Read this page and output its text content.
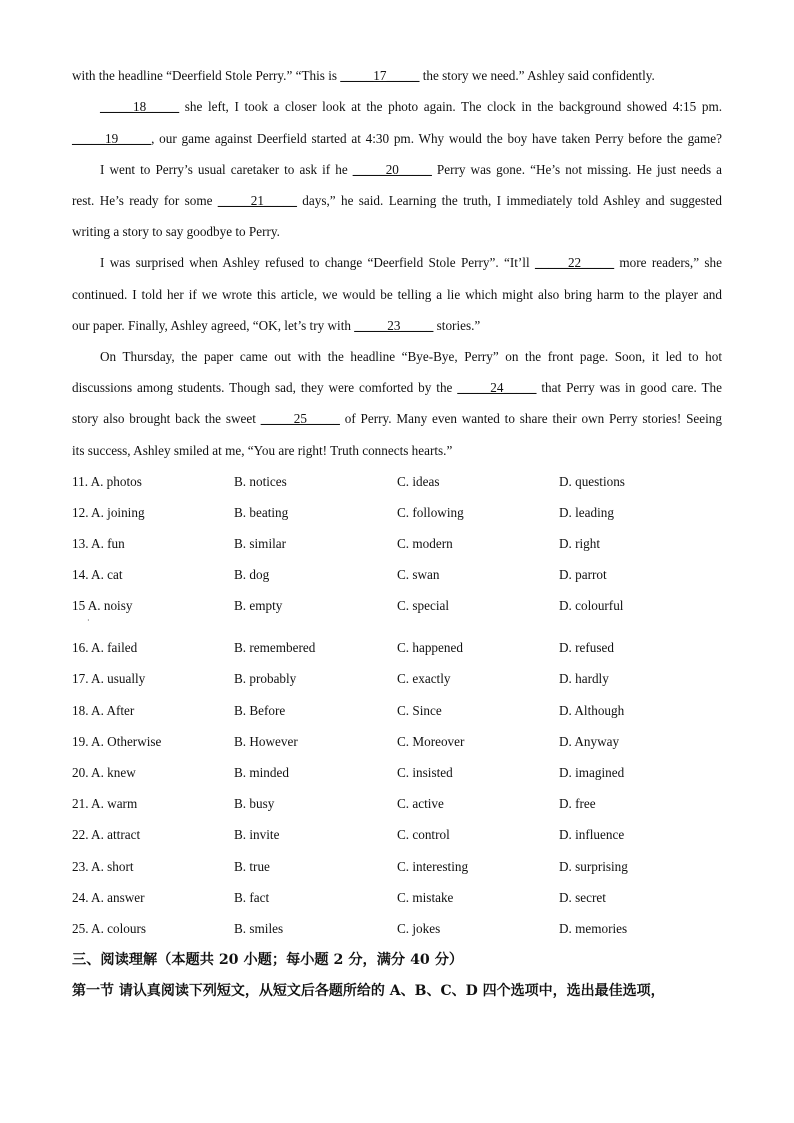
with the headline “Deerfield Stole Perry.” “This is _____17_____ the story we need.” Ashley said confidently.
_____18_____ she left, I took a closer look at the photo again. The clock in the background showed 4:15 pm.
_____19_____, our game against Deerfield started at 4:30 pm. Why would the boy have taken Perry before the game?
I went to Perry’s usual caretaker to ask if he _____20_____ Perry was gone. “He’s not missing. He just needs a
rest. He’s ready for some _____21_____ days,” he said. Learning the truth, I immediately told Ashley and suggested
writing a story to say goodbye to Perry.
I was surprised when Ashley refused to change “Deerfield Stole Perry”. “It’ll _____22_____ more readers,” she
continued. I told her if we wrote this article, we would be telling a lie which might also bring harm to the player and
our paper. Finally, Ashley agreed, “OK, let’s try with _____23_____ stories.”
On Thursday, the paper came out with the headline “Bye-Bye, Perry” on the front page. Soon, it led to hot
discussions among students. Though sad, they were comforted by the _____24_____ that Perry was in good care. The
story also brought back the sweet _____25_____ of Perry. Many even wanted to share their own Perry stories! Seeing
its success, Ashley smiled at me, “You are right! Truth connects hearts.”
11. A. photos	B. notices	C. ideas	D. questions
12. A. joining	B. beating	C. following	D. leading
13. A. fun	B. similar	C. modern	D. right
14. A. cat	B. dog	C. swan	D. parrot
15 A. noisy	B. empty	C. special	D. colourful
·
16. A. failed	B. remembered	C. happened	D. refused
17. A. usually	B. probably	C. exactly	D. hardly
18. A. After	B. Before	C. Since	D. Although
19. A. Otherwise	B. However	C. Moreover	D. Anyway
20. A. knew	B. minded	C. insisted	D. imagined
21. A. warm	B. busy	C. active	D. free
22. A. attract	B. invite	C. control	D. influence
23. A. short	B. true	C. interesting	D. surprising
24. A. answer	B. fact	C. mistake	D. secret
25. A. colours	B. smiles	C. jokes	D. memories
三、阅读理解（本题共 20 小题；每小题 2 分，满分 40 分）
第一节 请认真阅读下列短文，从短文后各题所给的 A、B、C、D 四个选项中，选出最佳选项，
